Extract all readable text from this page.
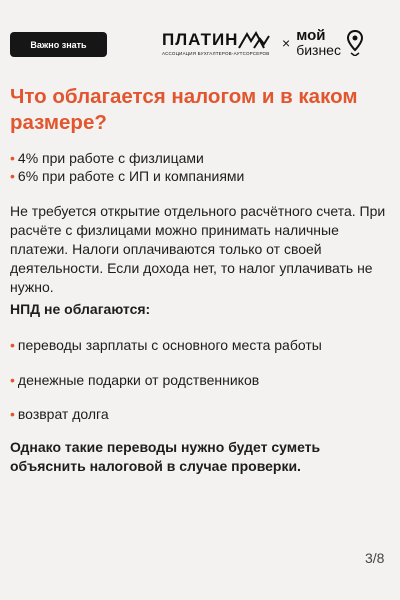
Важно знать	ПЛАТИН
АССОЦИАЦИЯ БУХГАЛТЕРОВ-АУТСОРСЕРОВ
× мой
бизнес
Что облагается налогом и в каком размере?
• 4% при работе с физлицами
• 6% при работе с ИП и компаниями

Не требуется открытие отдельного расчётного счета. При расчёте с физлицами можно принимать наличные платежи. Налоги оплачиваются только от своей деятельности. Если дохода нет, то налог уплачивать не нужно.

НПД не облагаются:
• переводы зарплаты с основного места работы
• денежные подарки от родственников
• возврат долга

Однако такие переводы нужно будет суметь объяснить налоговой в случае проверки.

3/8
